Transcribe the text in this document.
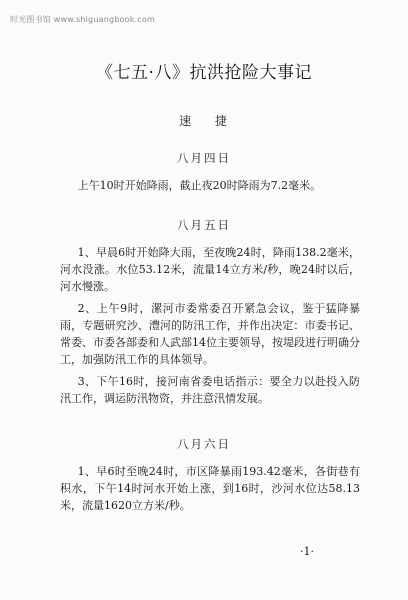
时光图书馆 www.shiguangbook.com
《七五·八》抗洪抢险大事记
速 捷
八月四日
上午10时开始降雨，截止夜20时降雨为7.2毫米。
八月五日
1、早晨6时开始降大雨，至夜晚24时，降雨138.2毫米，河水没涨。水位53.12米，流量14立方米/秒，晚24时以后，河水慢涨。
2、上午9时，漯河市委常委召开紧急会议，鉴于猛降暴雨，专题研究沙、澧河的防汛工作，并作出决定：市委书记、常委、市委各部委和人武部14位主要领导，按堤段进行明确分工，加强防汛工作的具体领导。
3、下午16时，接河南省委电话指示：要全力以赴投入防汛工作，调运防汛物资，并注意汛情发展。
八月六日
1、早6时至晚24时，市区降暴雨193.42毫米，各街巷有积水，下午14时河水开始上涨，到16时，沙河水位达58.13米，流量1620立方米/秒。
·1·
